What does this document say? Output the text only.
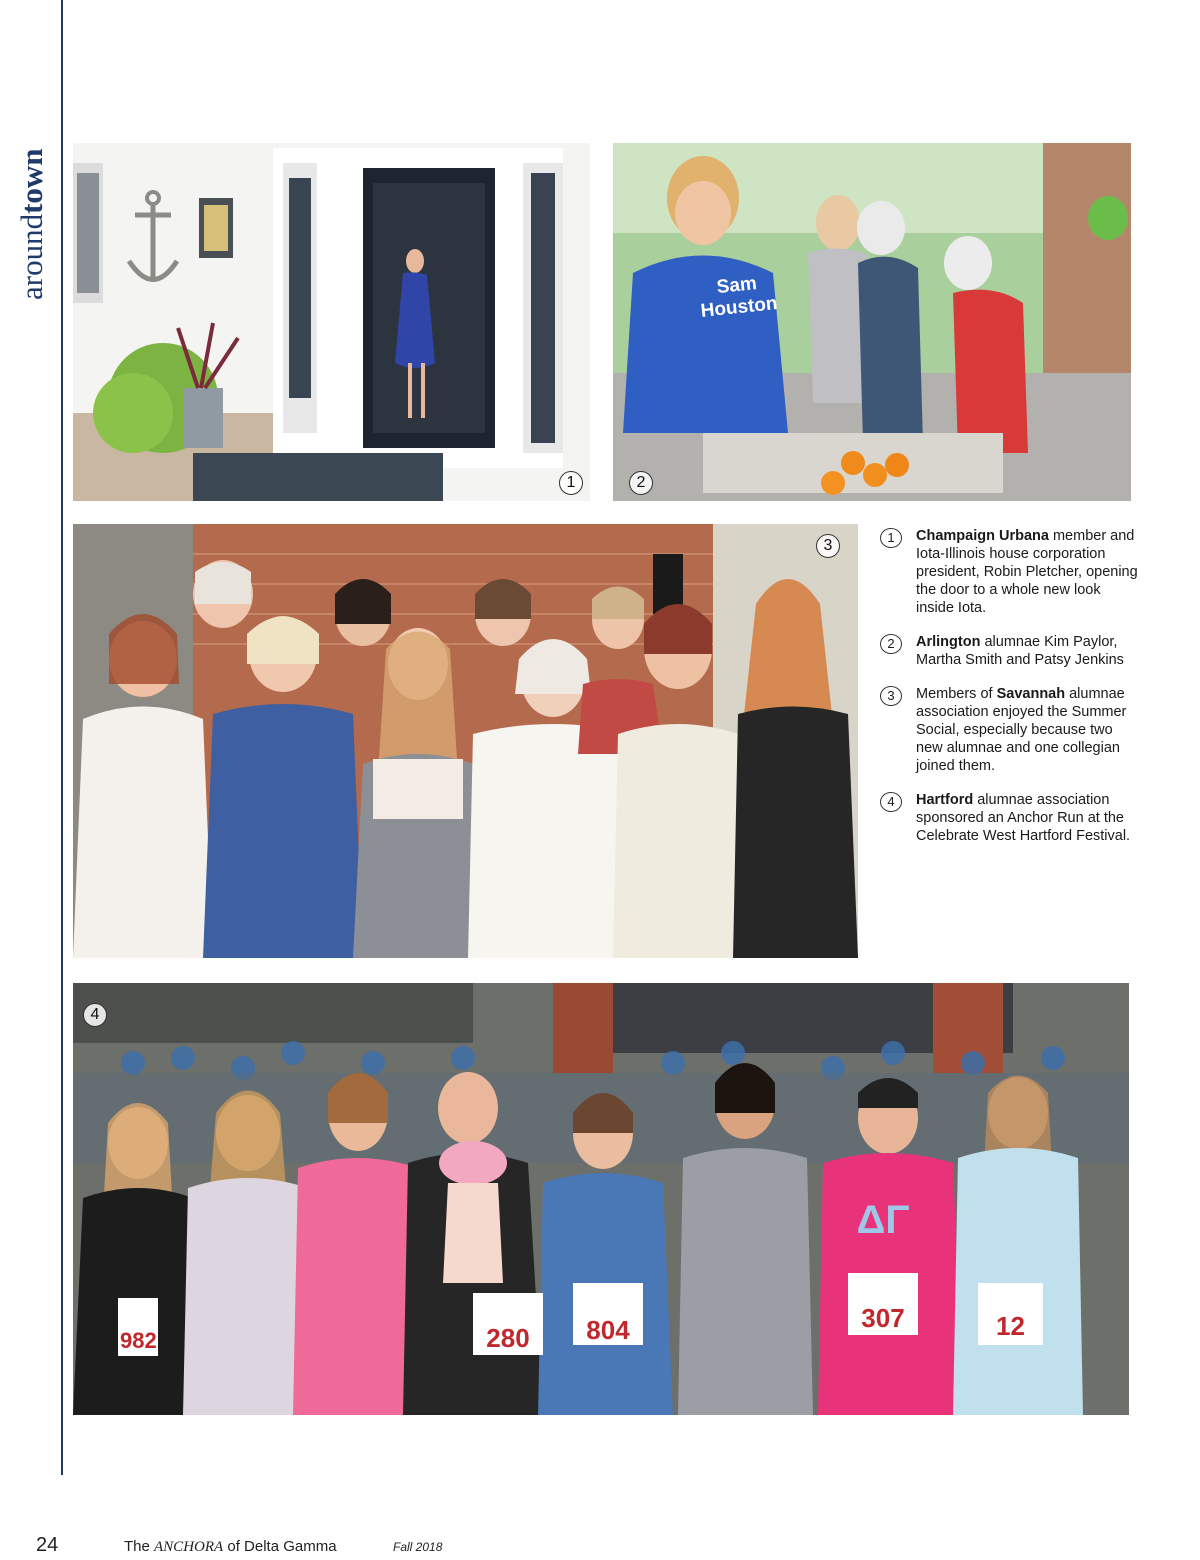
aroundtown
1
Sam Houston
2
3
982	280	804	307	12
ΔΓ
4
1	Champaign Urbana member and Iota-Illinois house corporation president, Robin Pletcher, opening the door to a whole new look inside Iota.
2	Arlington alumnae Kim Paylor, Martha Smith and Patsy Jenkins
3	Members of Savannah alumnae association enjoyed the Summer Social, especially because two new alumnae and one collegian joined them.
4	Hartford alumnae association sponsored an Anchor Run at the Celebrate West Hartford Festival.
24	The ANCHORA of Delta Gamma	Fall 2018
